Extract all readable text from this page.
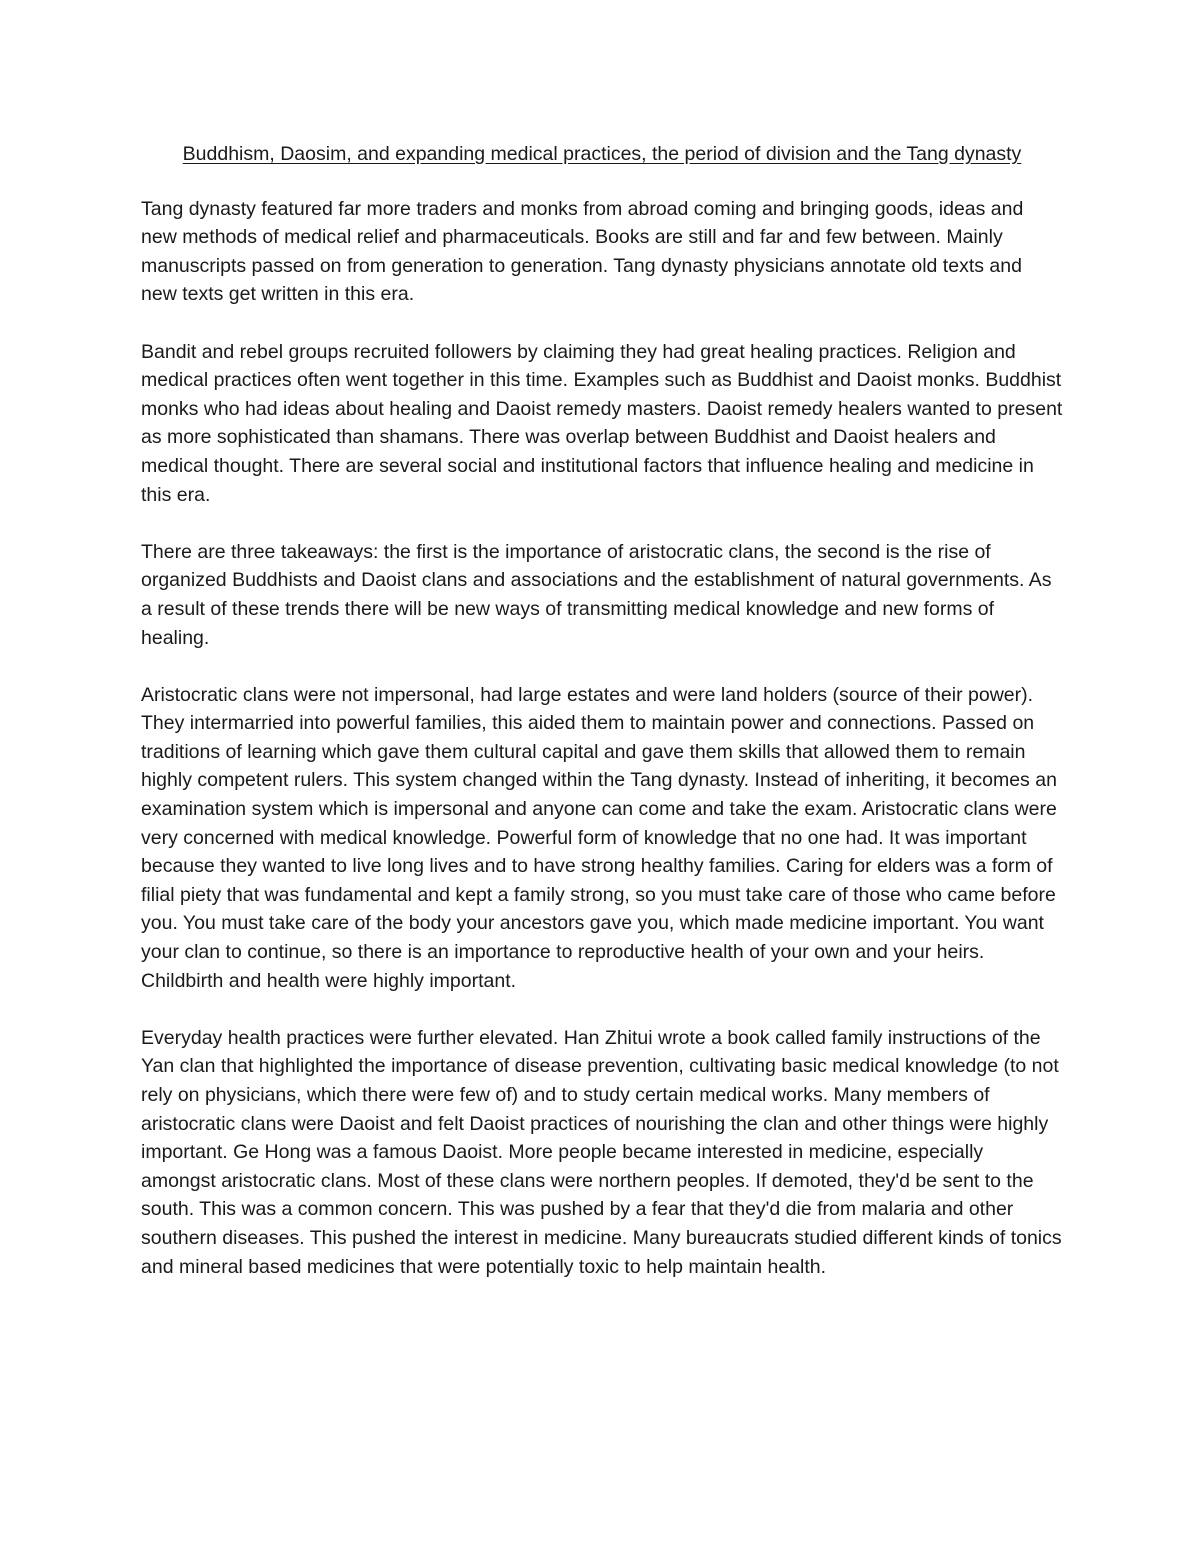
Buddhism, Daosim, and expanding medical practices, the period of division and the Tang dynasty

Tang dynasty featured far more traders and monks from abroad coming and bringing goods, ideas and new methods of medical relief and pharmaceuticals. Books are still and far and few between. Mainly manuscripts passed on from generation to generation. Tang dynasty physicians annotate old texts and new texts get written in this era.

Bandit and rebel groups recruited followers by claiming they had great healing practices. Religion and medical practices often went together in this time. Examples such as Buddhist and Daoist monks. Buddhist monks who had ideas about healing and Daoist remedy masters. Daoist remedy healers wanted to present as more sophisticated than shamans. There was overlap between Buddhist and Daoist healers and medical thought. There are several social and institutional factors that influence healing and medicine in this era.

There are three takeaways: the first is the importance of aristocratic clans, the second is the rise of organized Buddhists and Daoist clans and associations and the establishment of natural governments. As a result of these trends there will be new ways of transmitting medical knowledge and new forms of healing.

Aristocratic clans were not impersonal, had large estates and were land holders (source of their power). They intermarried into powerful families, this aided them to maintain power and connections. Passed on traditions of learning which gave them cultural capital and gave them skills that allowed them to remain highly competent rulers. This system changed within the Tang dynasty. Instead of inheriting, it becomes an examination system which is impersonal and anyone can come and take the exam. Aristocratic clans were very concerned with medical knowledge. Powerful form of knowledge that no one had. It was important because they wanted to live long lives and to have strong healthy families. Caring for elders was a form of filial piety that was fundamental and kept a family strong, so you must take care of those who came before you. You must take care of the body your ancestors gave you, which made medicine important. You want your clan to continue, so there is an importance to reproductive health of your own and your heirs. Childbirth and health were highly important.

Everyday health practices were further elevated. Han Zhitui wrote a book called family instructions of the Yan clan that highlighted the importance of disease prevention, cultivating basic medical knowledge (to not rely on physicians, which there were few of) and to study certain medical works. Many members of aristocratic clans were Daoist and felt Daoist practices of nourishing the clan and other things were highly important. Ge Hong was a famous Daoist. More people became interested in medicine, especially amongst aristocratic clans. Most of these clans were northern peoples. If demoted, they'd be sent to the south. This was a common concern. This was pushed by a fear that they'd die from malaria and other southern diseases. This pushed the interest in medicine. Many bureaucrats studied different kinds of tonics and mineral based medicines that were potentially toxic to help maintain health.
